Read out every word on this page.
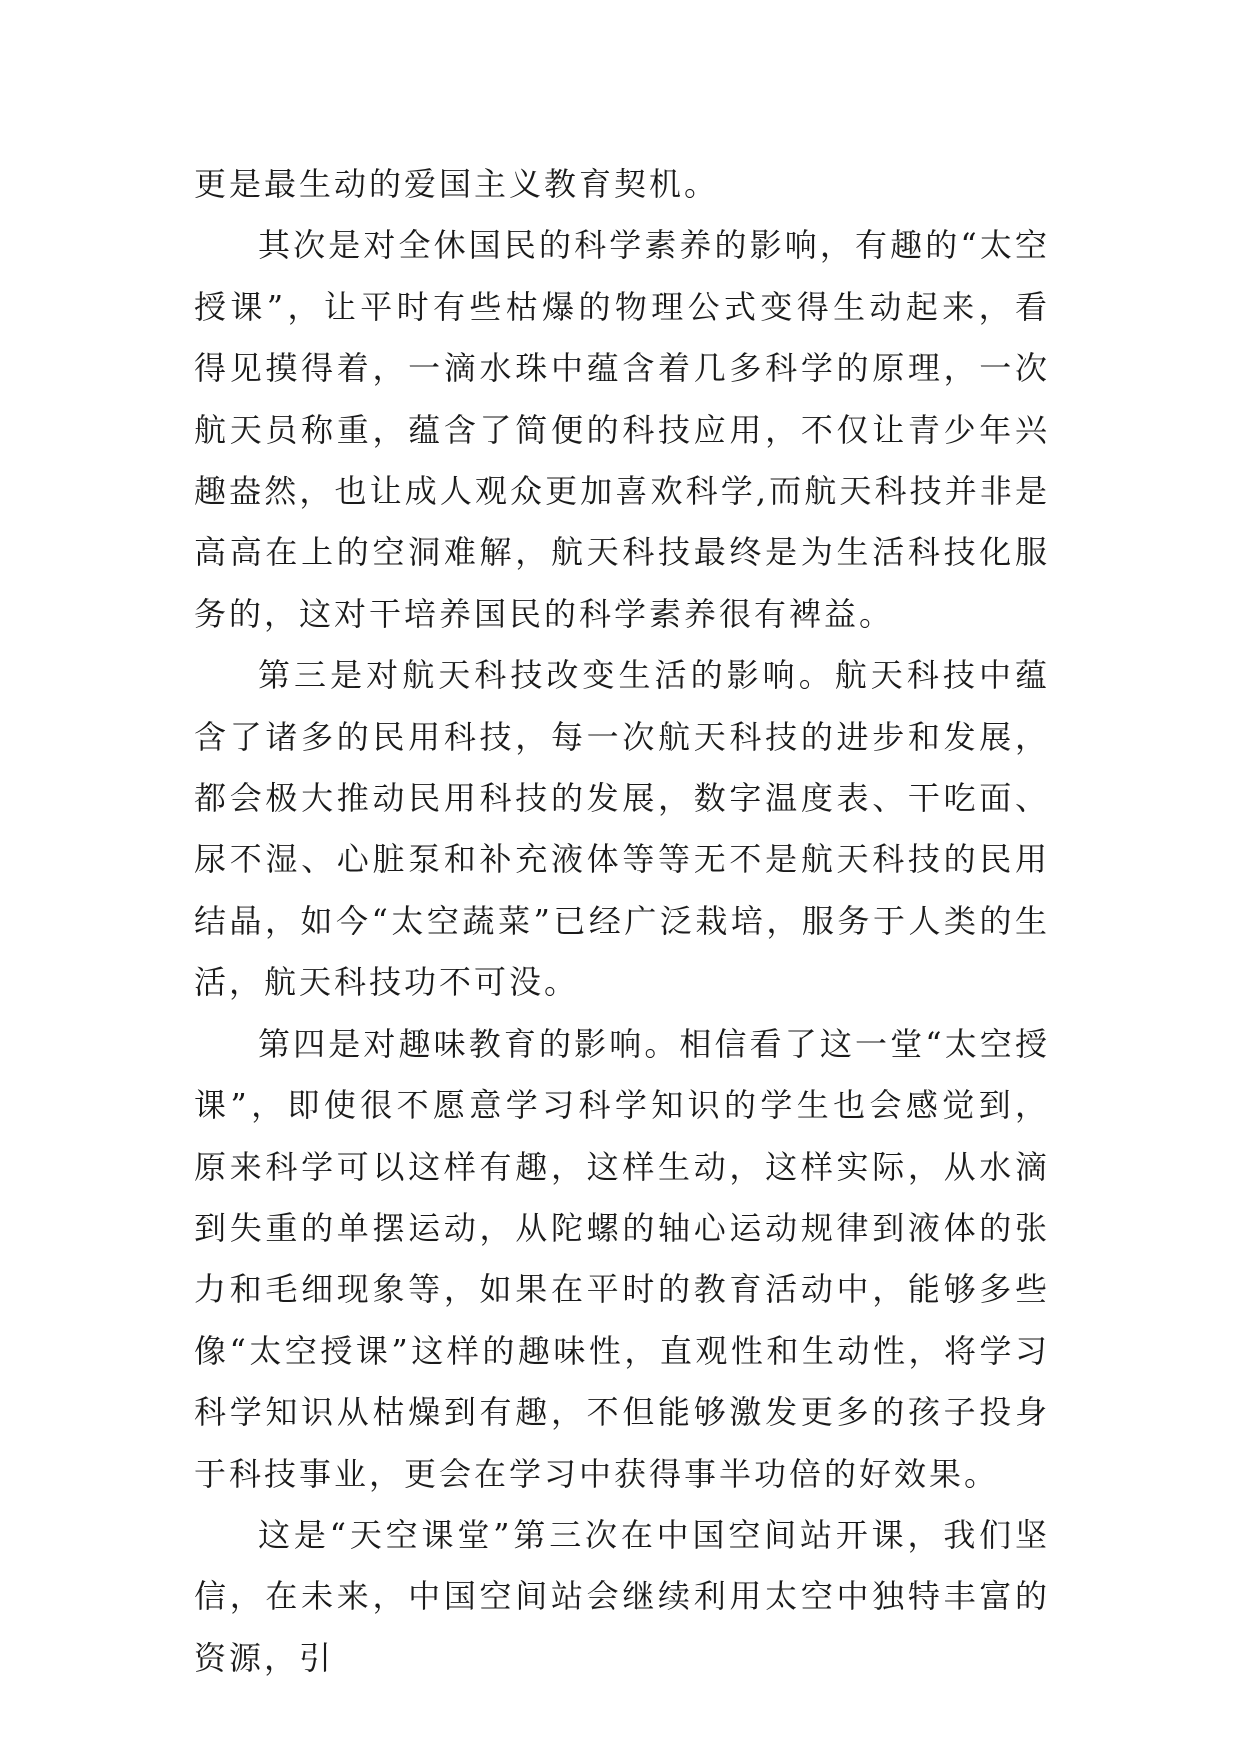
更是最生动的爱国主义教育契机。

其次是对全休国民的科学素养的影响，有趣的“太空授课”，让平时有些枯爆的物理公式变得生动起来，看得见摸得着，一滴水珠中蕴含着几多科学的原理，一次航天员称重，蕴含了简便的科技应用，不仅让青少年兴趣盎然，也让成人观众更加喜欢科学,而航天科技并非是高高在上的空洞难解，航天科技最终是为生活科技化服务的，这对干培养国民的科学素养很有裨益。

第三是对航天科技改变生活的影响。航天科技中蕴含了诸多的民用科技，每一次航天科技的进步和发展，都会极大推动民用科技的发展，数字温度表、干吃面、尿不湿、心脏泵和补充液体等等无不是航天科技的民用结晶，如今“太空蔬菜”已经广泛栽培，服务于人类的生活，航天科技功不可没。

第四是对趣味教育的影响。相信看了这一堂“太空授课”，即使很不愿意学习科学知识的学生也会感觉到，原来科学可以这样有趣，这样生动，这样实际，从水滴到失重的单摆运动，从陀螺的轴心运动规律到液体的张力和毛细现象等，如果在平时的教育活动中，能够多些像“太空授课”这样的趣味性，直观性和生动性，将学习科学知识从枯燥到有趣，不但能够激发更多的孩子投身于科技事业，更会在学习中获得事半功倍的好效果。

这是“天空课堂”第三次在中国空间站开课，我们坚信，在未来，中国空间站会继续利用太空中独特丰富的资源，引
